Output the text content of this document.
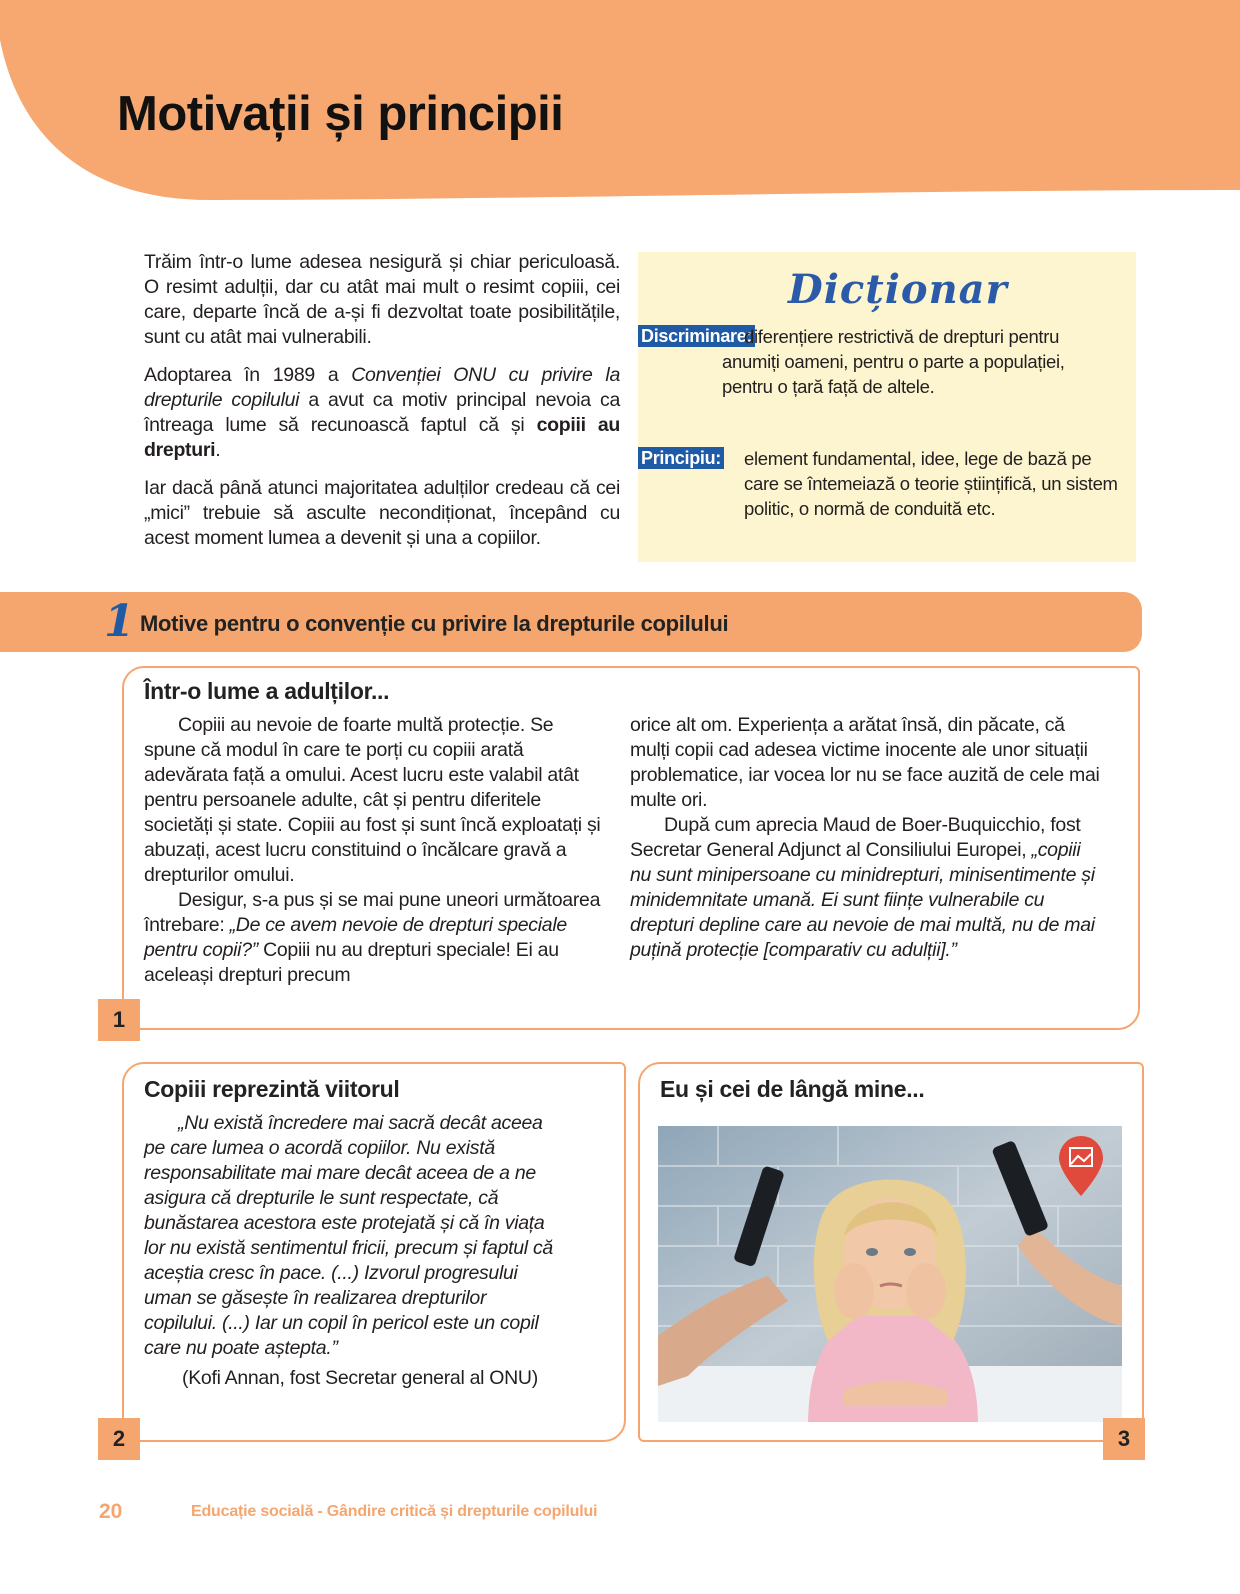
Motivații și principii

Trăim într-o lume adesea nesigură și chiar periculoasă. O resimt adulții, dar cu atât mai mult o resimt copiii, cei care, departe încă de a-și fi dezvoltat toate posibilitățile, sunt cu atât mai vulnerabili.

Adoptarea în 1989 a Convenției ONU cu privire la drepturile copilului a avut ca motiv principal nevoia ca întreaga lume să recunoască faptul că și copiii au drepturi.

Iar dacă până atunci majoritatea adulților credeau că cei „mici” trebuie să asculte necondiționat, începând cu acest moment lumea a devenit și una a copiilor.

Dicționar
Discriminare:
diferențiere restrictivă de drepturi pentru anumiți oameni, pentru o parte a populației, pentru o țară față de altele.
Principiu: element fundamental, idee, lege de bază pe care se întemeiază o teorie științifică, un sistem politic, o normă de conduită etc.
1 Motive pentru o convenție cu privire la drepturile copilului
Într-o lume a adulților...
Copiii au nevoie de foarte multă protecție. Se spune că modul în care te porți cu copiii arată adevărata față a omului. Acest lucru este valabil atât pentru persoanele adulte, cât și pentru diferitele societăți și state. Copiii au fost și sunt încă exploatați și abuzați, acest lucru constituind o încălcare gravă a drepturilor omului.
Desigur, s-a pus și se mai pune uneori următoarea întrebare: „De ce avem nevoie de drepturi speciale pentru copii?” Copiii nu au drepturi speciale! Ei au aceleași drepturi precum
orice alt om. Experiența a arătat însă, din păcate, că mulți copii cad adesea victime inocente ale unor situații problematice, iar vocea lor nu se face auzită de cele mai multe ori.
După cum aprecia Maud de Boer-Buquicchio, fost Secretar General Adjunct al Consiliului Europei, „copiii nu sunt minipersoane cu minidrepturi, minisentimente și minidemnitate umană. Ei sunt ființe vulnerabile cu drepturi depline care au nevoie de mai multă, nu de mai puțină protecție [comparativ cu adulții].”
1
Copiii reprezintă viitorul
„Nu există încredere mai sacră decât aceea pe care lumea o acordă copiilor. Nu există responsabilitate mai mare decât aceea de a ne asigura că drepturile le sunt respectate, că bunăstarea acestora este protejată și că în viața lor nu există sentimentul fricii, precum și faptul că aceștia cresc în pace. (...) Izvorul progresului uman se găsește în realizarea drepturilor copilului. (...) Iar un copil în pericol este un copil care nu poate aștepta.”
(Kofi Annan, fost Secretar general al ONU)
2
Eu și cei de lângă mine...
3
20	Educație socială - Gândire critică și drepturile copilului
